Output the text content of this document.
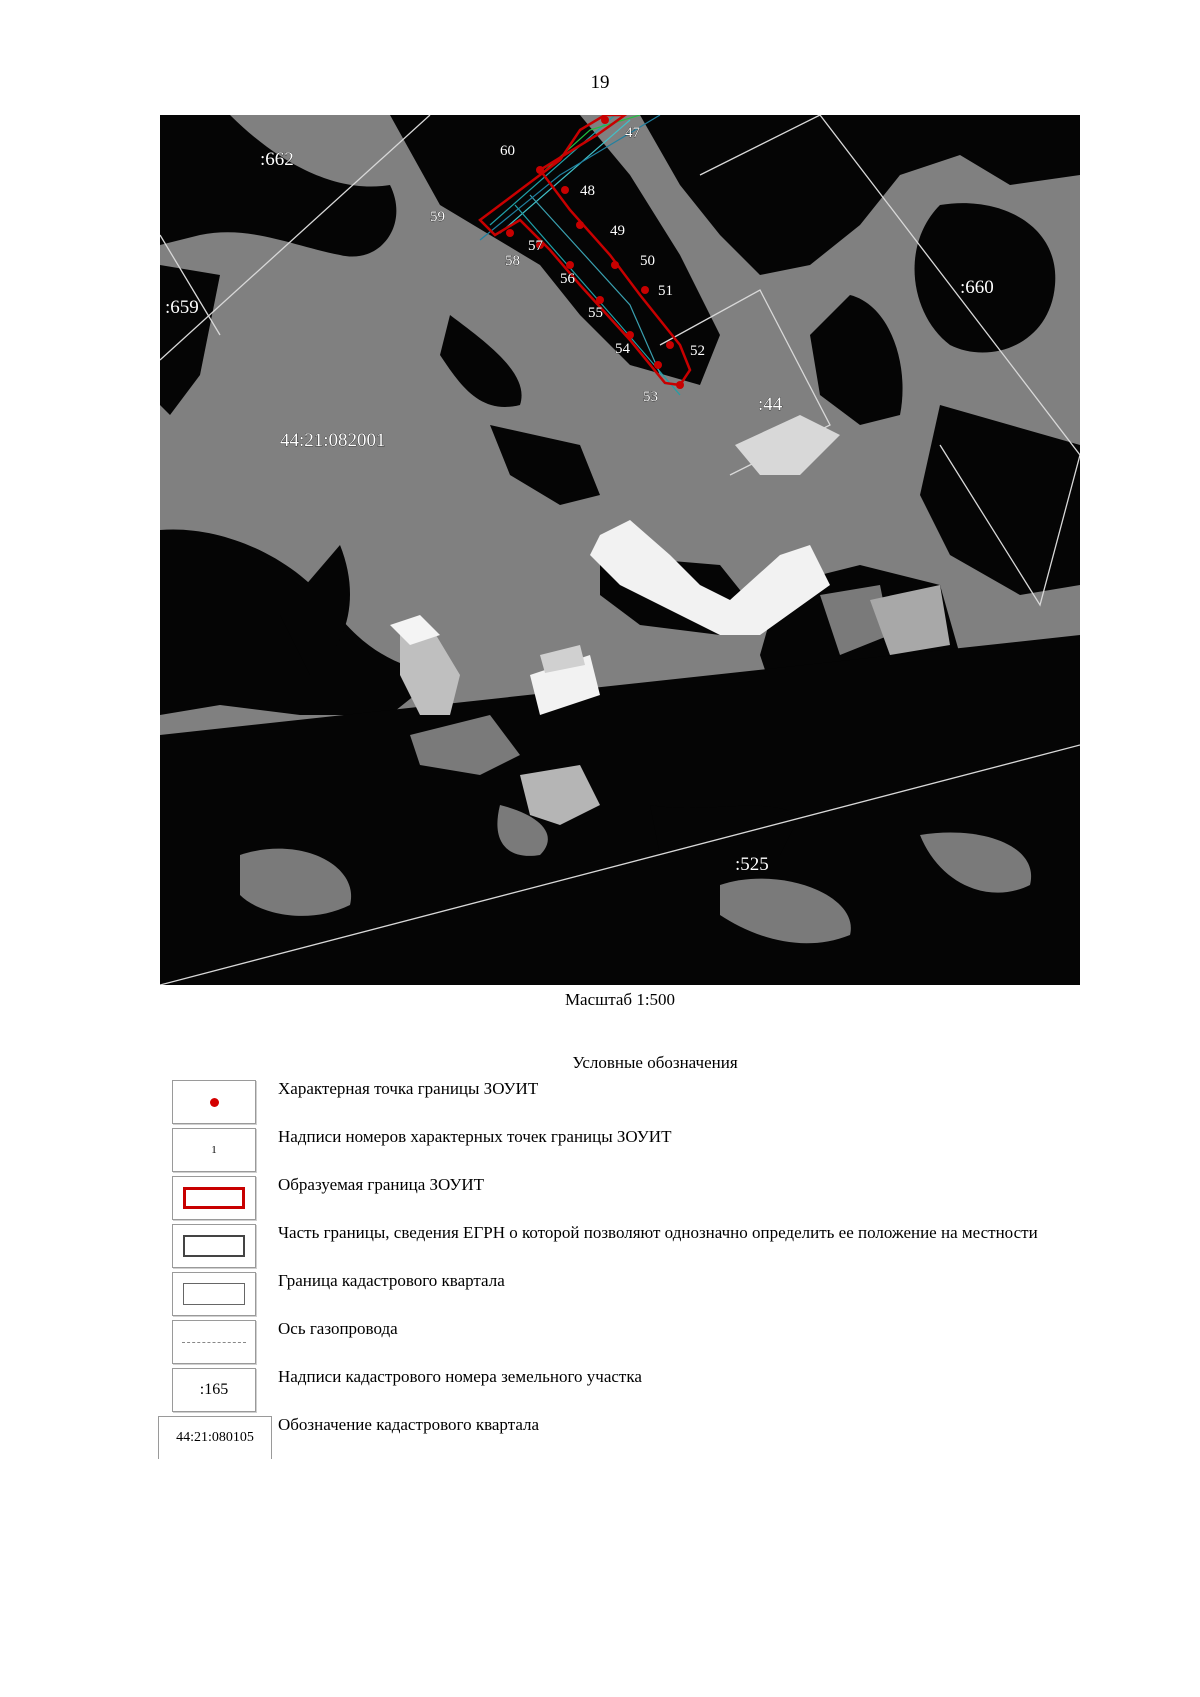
19
47
48
49
50
51
52
53
54
55
56
57
58
59
60
:662
:659
:660
:44
:525
44:21:082001
Масштаб 1:500
Условные обозначения
Характерная точка границы ЗОУИТ
1
Надписи номеров характерных точек границы ЗОУИТ
Образуемая граница ЗОУИТ
Часть границы, сведения ЕГРН о которой позволяют однозначно определить ее положение на местности
Граница кадастрового квартала
Ось газопровода
:165
Надписи кадастрового номера земельного участка
44:21:080105
Обозначение кадастрового квартала
